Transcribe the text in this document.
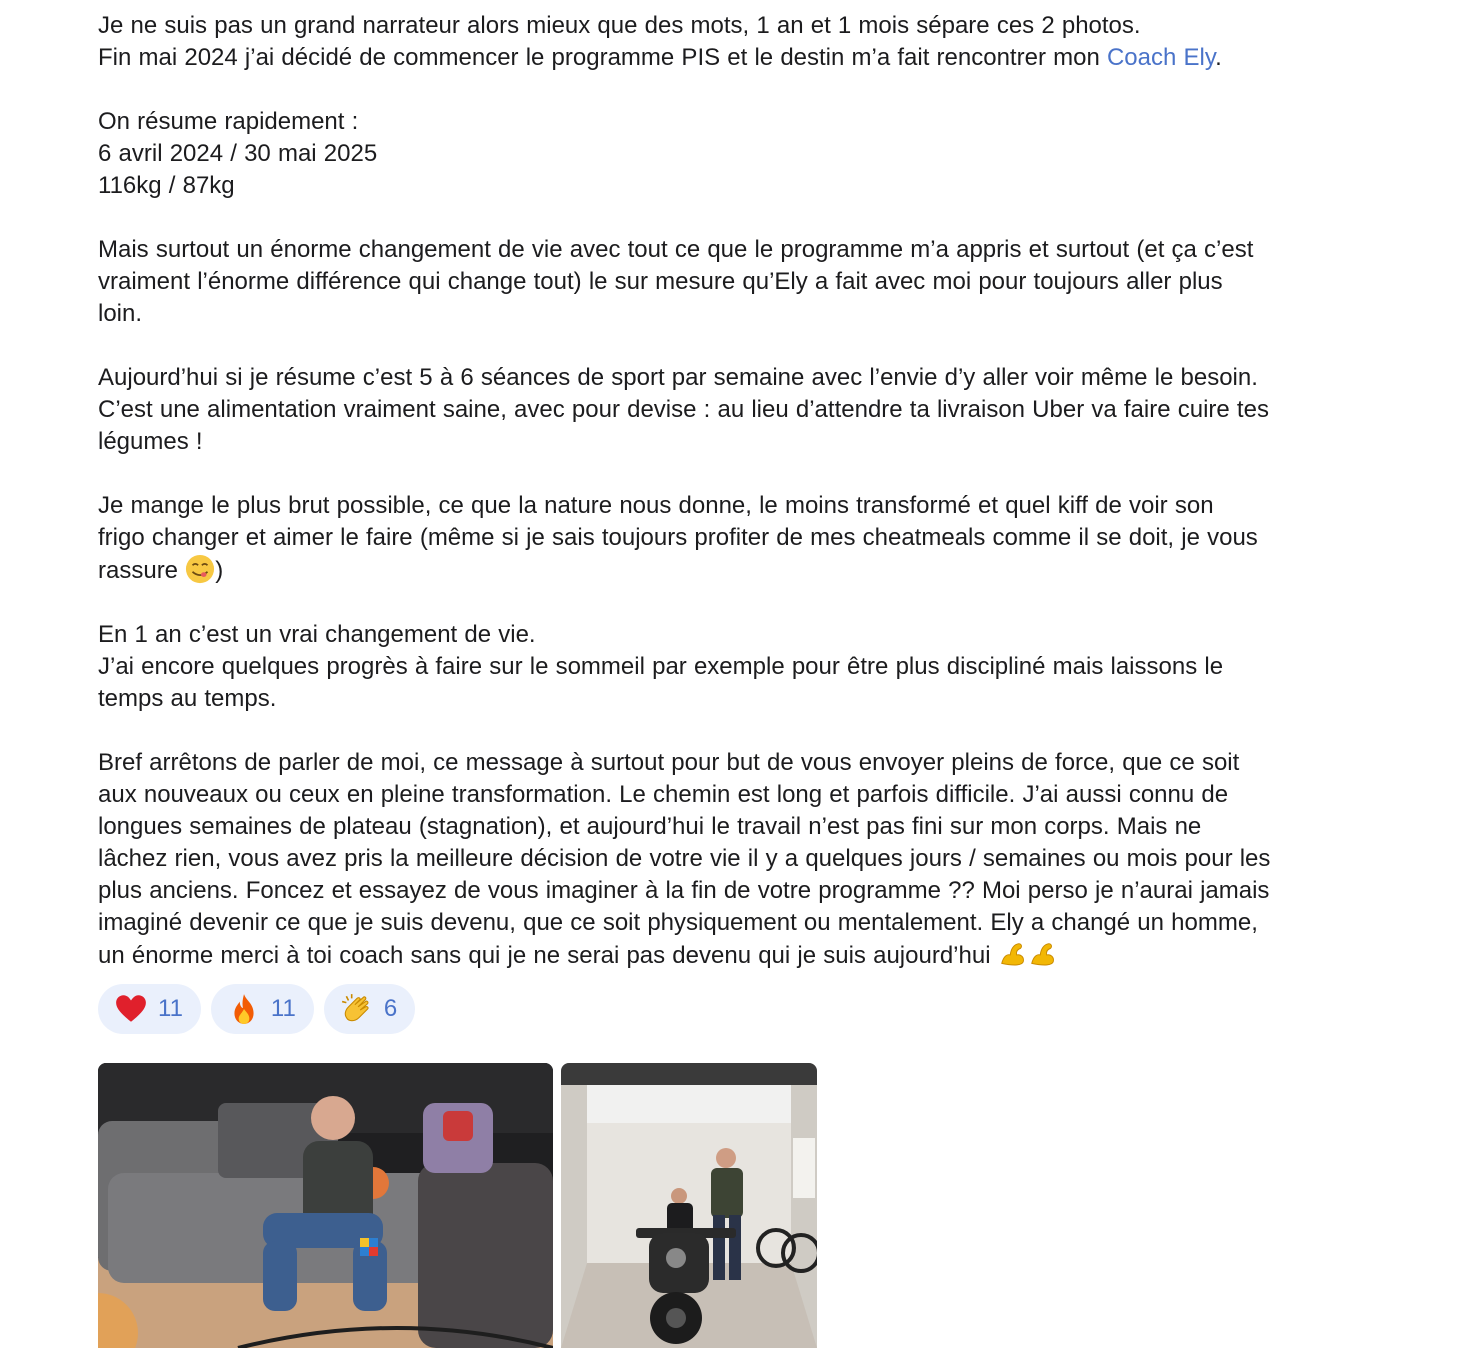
Je ne suis pas un grand narrateur alors mieux que des mots, 1 an et 1 mois sépare ces 2 photos.
Fin mai 2024 j’ai décidé de commencer le programme PIS et le destin m’a fait rencontrer mon Coach Ely.

On résume rapidement :
6 avril 2024 / 30 mai 2025
116kg / 87kg

Mais surtout un énorme changement de vie avec tout ce que le programme m’a appris et surtout (et ça c’est
vraiment l’énorme différence qui change tout) le sur mesure qu’Ely a fait avec moi pour toujours aller plus
loin.

Aujourd’hui si je résume c’est 5 à 6 séances de sport par semaine avec l’envie d’y aller voir même le besoin.
C’est une alimentation vraiment saine, avec pour devise : au lieu d’attendre ta livraison Uber va faire cuire tes
légumes !

Je mange le plus brut possible, ce que la nature nous donne, le moins transformé et quel kiff de voir son
frigo changer et aimer le faire (même si je sais toujours profiter de mes cheatmeals comme il se doit, je vous
rassure )

En 1 an c’est un vrai changement de vie.
J’ai encore quelques progrès à faire sur le sommeil par exemple pour être plus discipliné mais laissons le
temps au temps.

Bref arrêtons de parler de moi, ce message à surtout pour but de vous envoyer pleins de force, que ce soit
aux nouveaux ou ceux en pleine transformation. Le chemin est long et parfois difficile. J’ai aussi connu de
longues semaines de plateau (stagnation), et aujourd’hui le travail n’est pas fini sur mon corps. Mais ne
lâchez rien, vous avez pris la meilleure décision de votre vie il y a quelques jours / semaines ou mois pour les
plus anciens. Foncez et essayez de vous imaginer à la fin de votre programme ?? Moi perso je n’aurai jamais
imaginé devenir ce que je suis devenu, que ce soit physiquement ou mentalement. Ely a changé un homme,
un énorme merci à toi coach sans qui je ne serai pas devenu qui je suis aujourd’hui

11	11	6
